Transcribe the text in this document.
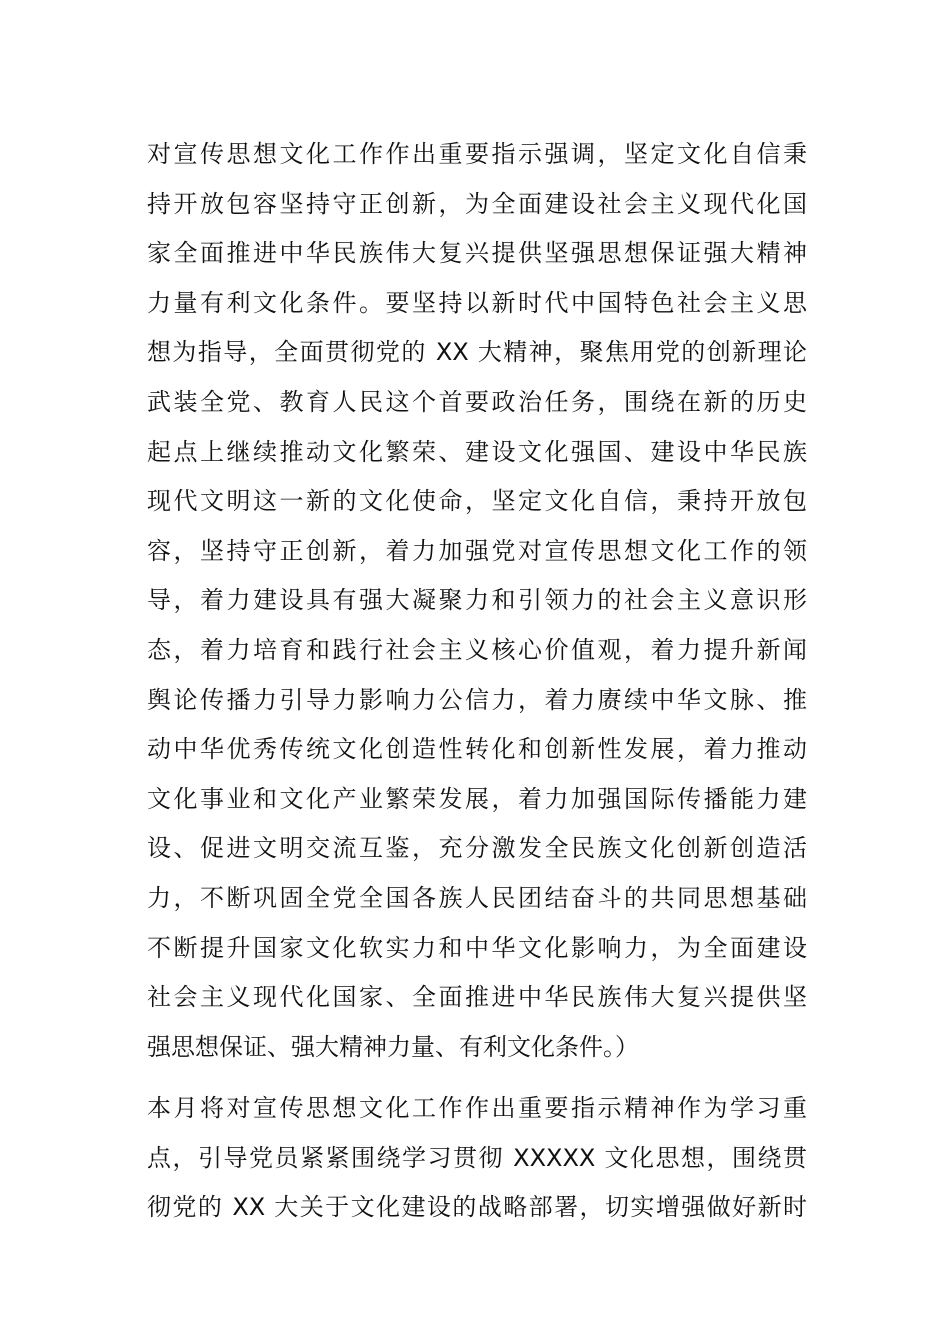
对宣传思想文化工作作出重要指示强调，坚定文化自信秉
持开放包容坚持守正创新，为全面建设社会主义现代化国
家全面推进中华民族伟大复兴提供坚强思想保证强大精神
力量有利文化条件。要坚持以新时代中国特色社会主义思
想为指导，全面贯彻党的 XX 大精神，聚焦用党的创新理论
武装全党、教育人民这个首要政治任务，围绕在新的历史
起点上继续推动文化繁荣、建设文化强国、建设中华民族
现代文明这一新的文化使命，坚定文化自信，秉持开放包
容，坚持守正创新，着力加强党对宣传思想文化工作的领
导，着力建设具有强大凝聚力和引领力的社会主义意识形
态，着力培育和践行社会主义核心价值观，着力提升新闻
舆论传播力引导力影响力公信力，着力赓续中华文脉、推
动中华优秀传统文化创造性转化和创新性发展，着力推动
文化事业和文化产业繁荣发展，着力加强国际传播能力建
设、促进文明交流互鉴，充分激发全民族文化创新创造活
力，不断巩固全党全国各族人民团结奋斗的共同思想基础
不断提升国家文化软实力和中华文化影响力，为全面建设
社会主义现代化国家、全面推进中华民族伟大复兴提供坚
强思想保证、强大精神力量、有利文化条件。）
本月将对宣传思想文化工作作出重要指示精神作为学习重
点，引导党员紧紧围绕学习贯彻 XXXXX 文化思想，围绕贯
彻党的 XX 大关于文化建设的战略部署，切实增强做好新时
